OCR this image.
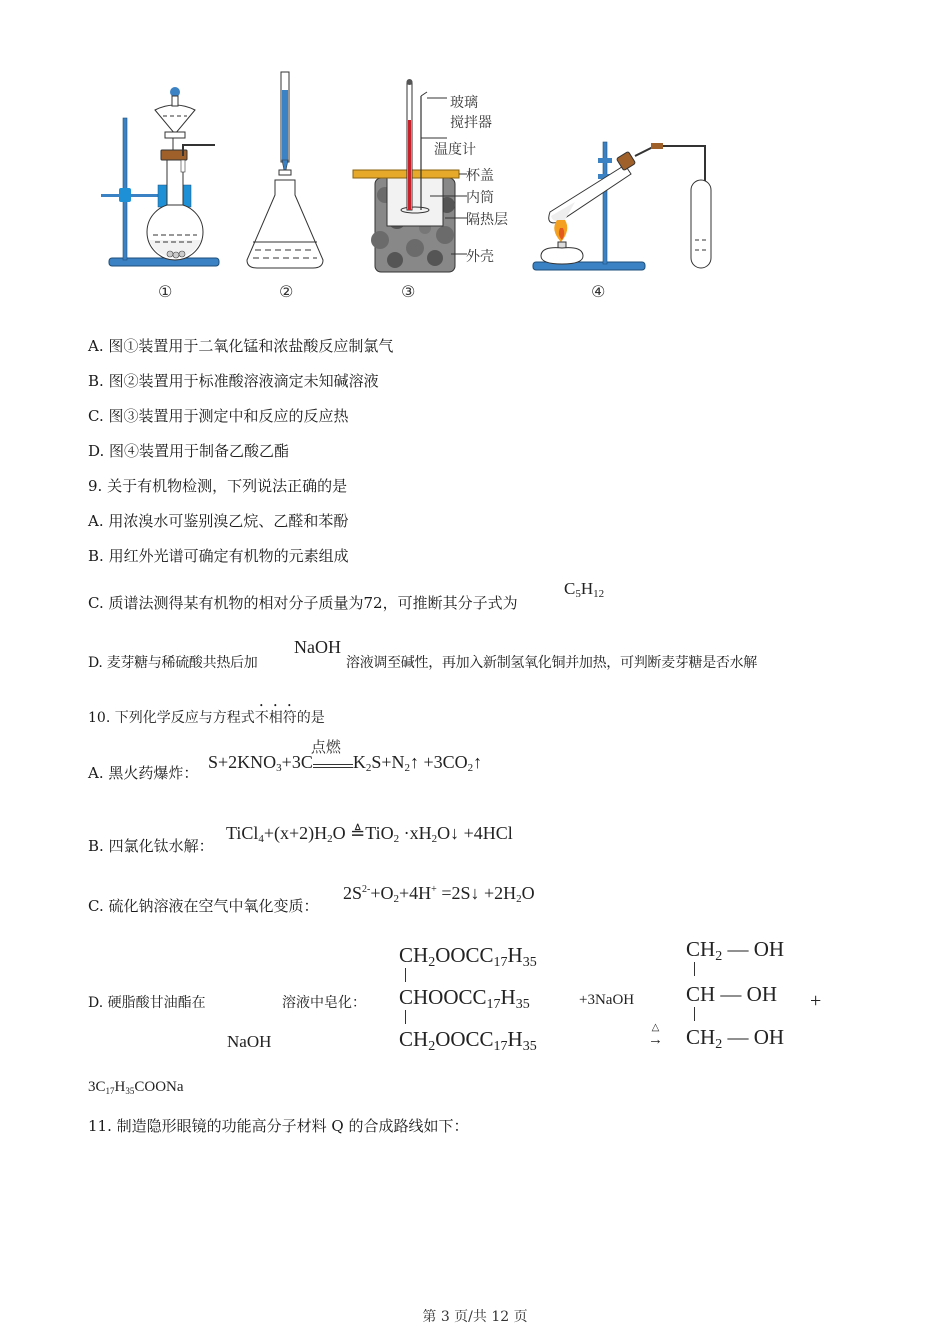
玻璃
搅拌器
温度计
杯盖
内筒
隔热层
外壳
①	②	③	④
A. 图①装置用于二氧化锰和浓盐酸反应制氯气
B. 图②装置用于标准酸溶液滴定未知碱溶液
C. 图③装置用于测定中和反应的反应热
D. 图④装置用于制备乙酸乙酯
9. 关于有机物检测，下列说法正确的是
A. 用浓溴水可鉴别溴乙烷、乙醛和苯酚
B. 用红外光谱可确定有机物的元素组成
C. 质谱法测得某有机物的相对分子质量为72，可推断其分子式为
$C_5H_{12}$
D. 麦芽糖与稀硫酸共热后加
NaOH
溶液调至碱性，再加入新制氢氧化铜并加热，可判断麦芽糖是否水解
10. 下列化学反应与方程式不相符的是
A. 黑火药爆炸：
$S+2KNO_3+3C$
点燃
$K_2S+N_2↑$ $+3CO_2↑$
B. 四氯化钛水解：
$TiCl_4+(x+2)H_2O$ ≜TiO$_2$ $\cdot xH_2O↓ +4HCl$
C. 硫化钠溶液在空气中氧化变质：
$2S^{2-}+O_2+4H^+$ =2S↓ $+2H_2O$
D. 硬脂酸甘油酯在	溶液中皂化：
NaOH
$CH_2OOCC_{17}H_{35}$
$CHOOCC_{17}H_{35}$
$CH_2OOCC_{17}H_{35}$
+3NaOH
△
→
$CH_2$ — OH
CH — OH
$CH_2$ — OH
+
$3C_{17}H_{35}COONa$
11. 制造隐形眼镜的功能高分子材料 Q 的合成路线如下：
第 3 页/共 12 页
